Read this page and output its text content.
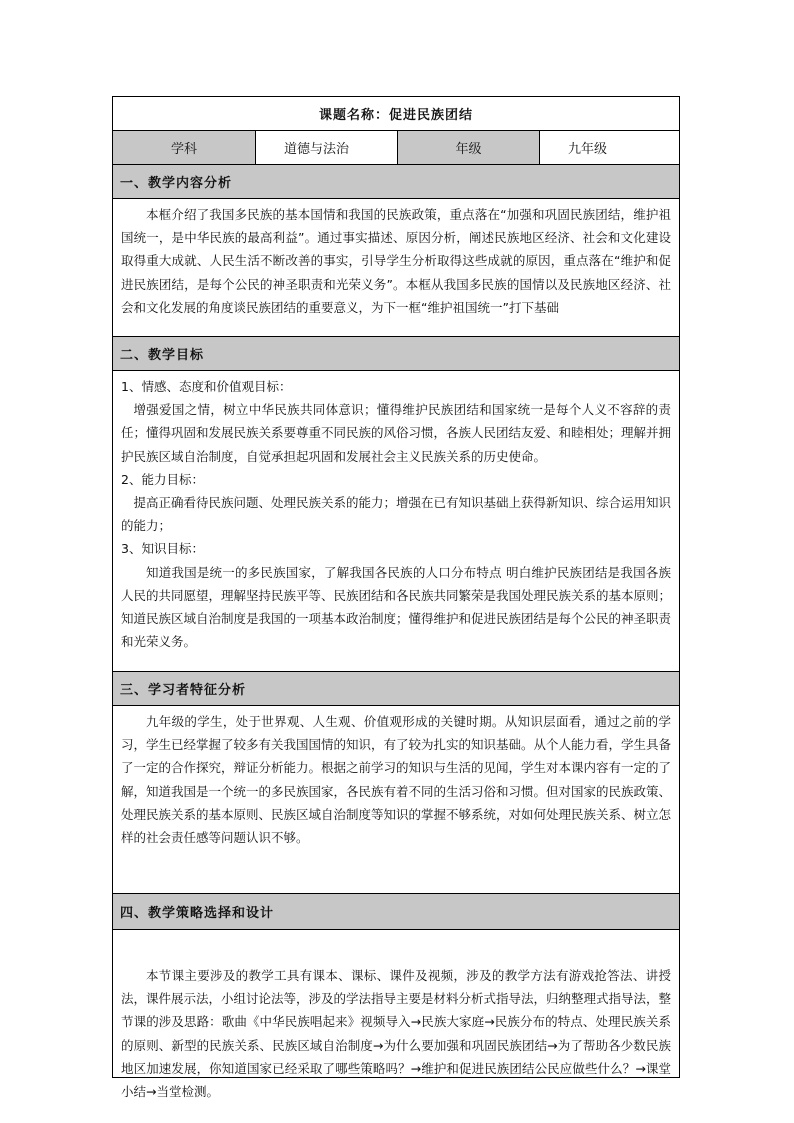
课题名称：促进民族团结
学科	道德与法治	年级	九年级
一、教学内容分析

本框介绍了我国多民族的基本国情和我国的民族政策，重点落在“加强和巩固民族团结，维护祖国统一，是中华民族的最高利益”。通过事实描述、原因分析，阐述民族地区经济、社会和文化建设取得重大成就、人民生活不断改善的事实，引导学生分析取得这些成就的原因，重点落在“维护和促进民族团结，是每个公民的神圣职责和光荣义务”。本框从我国多民族的国情以及民族地区经济、社会和文化发展的角度谈民族团结的重要意义，为下一框“维护祖国统一”打下基础

二、教学目标

1、情感、态度和价值观目标：

增强爱国之情，树立中华民族共同体意识；懂得维护民族团结和国家统一是每个人义不容辞的责任；懂得巩固和发展民族关系要尊重不同民族的风俗习惯，各族人民团结友爱、和睦相处；理解并拥护民族区域自治制度，自觉承担起巩固和发展社会主义民族关系的历史使命。

2、能力目标：

提高正确看待民族问题、处理民族关系的能力；增强在已有知识基础上获得新知识、综合运用知识的能力；

3、知识目标：

知道我国是统一的多民族国家，了解我国各民族的人口分布特点 明白维护民族团结是我国各族人民的共同愿望，理解坚持民族平等、民族团结和各民族共同繁荣是我国处理民族关系的基本原则；知道民族区域自治制度是我国的一项基本政治制度；懂得维护和促进民族团结是每个公民的神圣职责和光荣义务。

三、学习者特征分析

九年级的学生，处于世界观、人生观、价值观形成的关键时期。从知识层面看，通过之前的学习，学生已经掌握了较多有关我国国情的知识，有了较为扎实的知识基础。从个人能力看，学生具备了一定的合作探究，辩证分析能力。根据之前学习的知识与生活的见闻，学生对本课内容有一定的了解，知道我国是一个统一的多民族国家，各民族有着不同的生活习俗和习惯。但对国家的民族政策、处理民族关系的基本原则、民族区域自治制度等知识的掌握不够系统，对如何处理民族关系、树立怎样的社会责任感等问题认识不够。

四、教学策略选择和设计

本节课主要涉及的教学工具有课本、课标、课件及视频，涉及的教学方法有游戏抢答法、讲授法，课件展示法，小组讨论法等，涉及的学法指导主要是材料分析式指导法，归纳整理式指导法，整节课的涉及思路：歌曲《中华民族唱起来》视频导入→民族大家庭→民族分布的特点、处理民族关系的原则、新型的民族关系、民族区域自治制度→为什么要加强和巩固民族团结→为了帮助各少数民族地区加速发展，你知道国家已经采取了哪些策略吗？→维护和促进民族团结公民应做些什么？→课堂小结→当堂检测。
